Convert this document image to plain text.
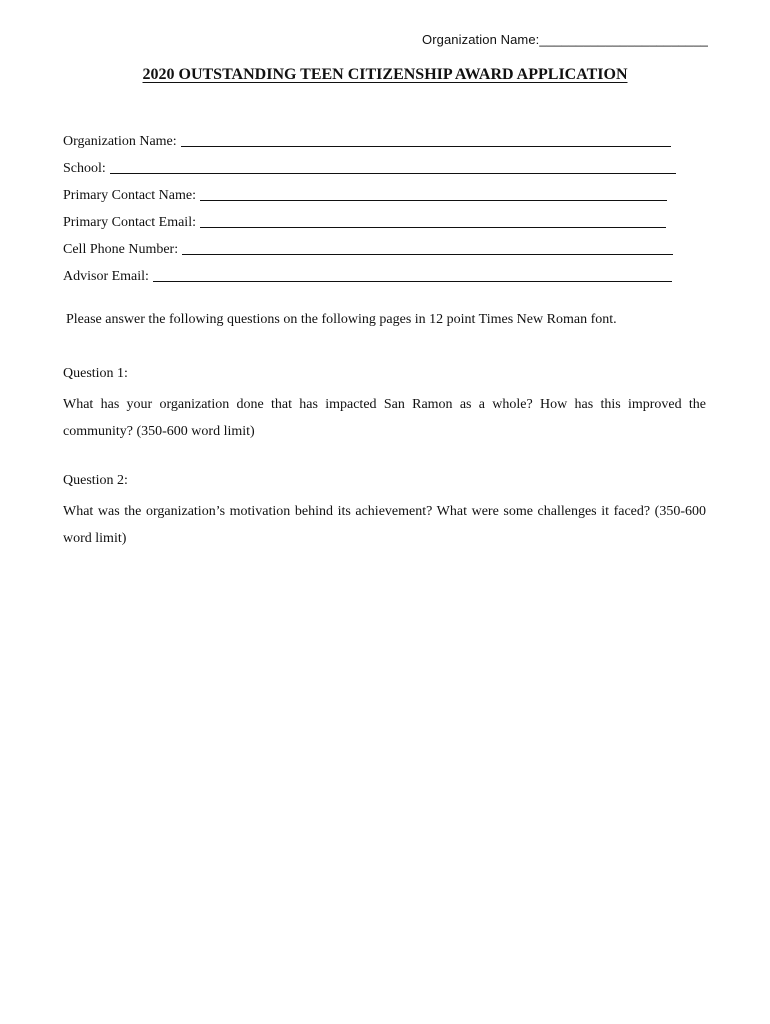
Organization Name:_______________________
2020 OUTSTANDING TEEN CITIZENSHIP AWARD APPLICATION
Organization Name:
School:
Primary Contact Name:
Primary Contact Email:
Cell Phone Number:
Advisor Email:
Please answer the following questions on the following pages in 12 point Times New Roman font.
Question 1:
What has your organization done that has impacted San Ramon as a whole? How has this improved the community? (350-600 word limit)
Question 2:
What was the organization’s motivation behind its achievement? What were some challenges it faced? (350-600 word limit)
